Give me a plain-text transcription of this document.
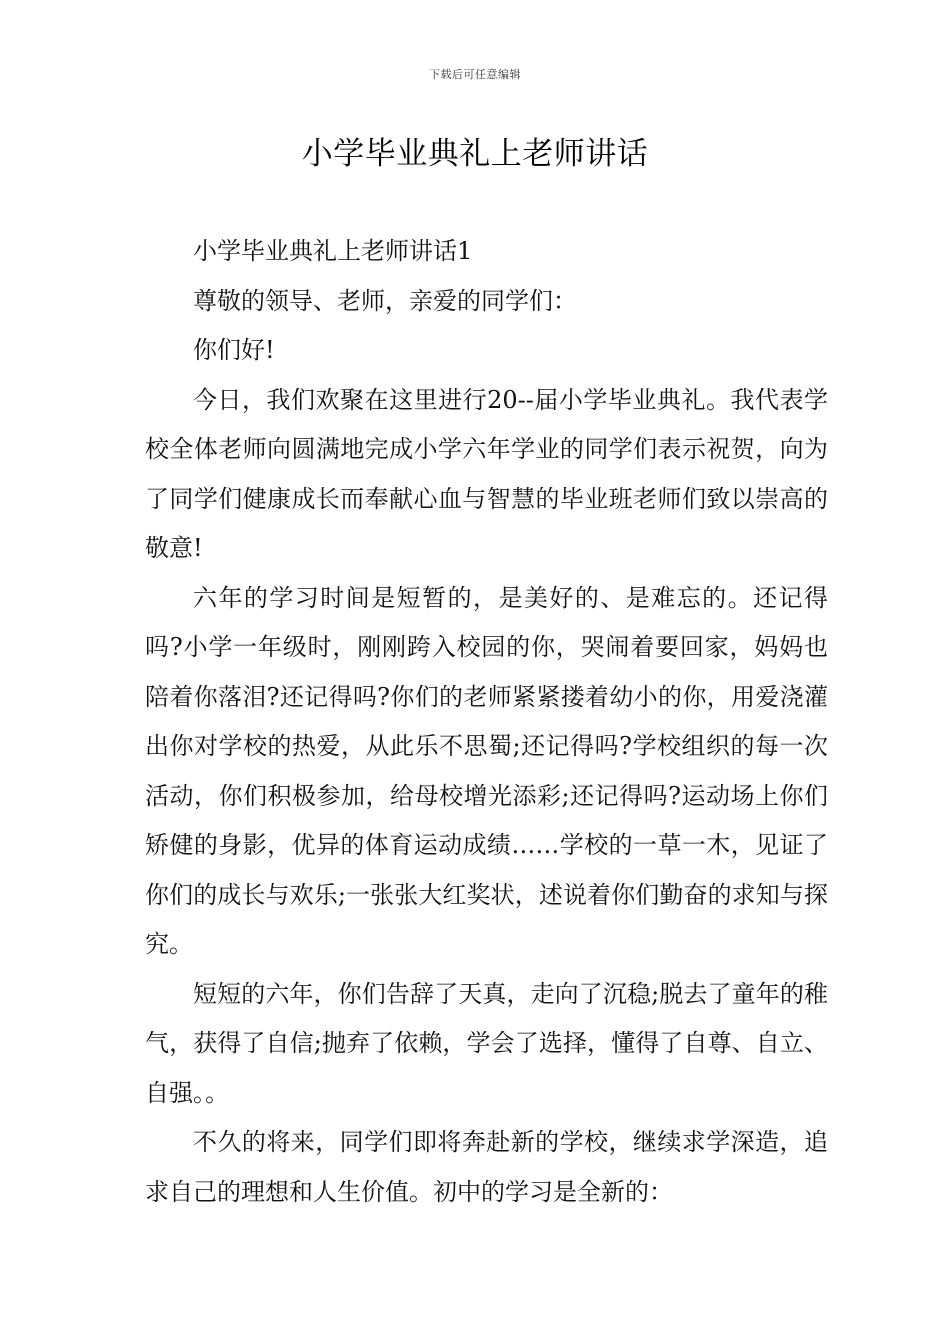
下载后可任意编辑
小学毕业典礼上老师讲话

小学毕业典礼上老师讲话1

尊敬的领导、老师，亲爱的同学们：

你们好!

今日，我们欢聚在这里进行20--届小学毕业典礼。我代表学校全体老师向圆满地完成小学六年学业的同学们表示祝贺，向为了同学们健康成长而奉献心血与智慧的毕业班老师们致以崇高的敬意!

六年的学习时间是短暂的，是美好的、是难忘的。还记得吗?小学一年级时，刚刚跨入校园的你，哭闹着要回家，妈妈也陪着你落泪?还记得吗?你们的老师紧紧搂着幼小的你，用爱浇灌出你对学校的热爱，从此乐不思蜀;还记得吗?学校组织的每一次活动，你们积极参加，给母校增光添彩;还记得吗?运动场上你们矫健的身影，优异的体育运动成绩……学校的一草一木，见证了你们的成长与欢乐;一张张大红奖状，述说着你们勤奋的求知与探究。

短短的六年，你们告辞了天真，走向了沉稳;脱去了童年的稚气，获得了自信;抛弃了依赖，学会了选择，懂得了自尊、自立、自强。。

不久的将来，同学们即将奔赴新的学校，继续求学深造，追求自己的理想和人生价值。初中的学习是全新的：
